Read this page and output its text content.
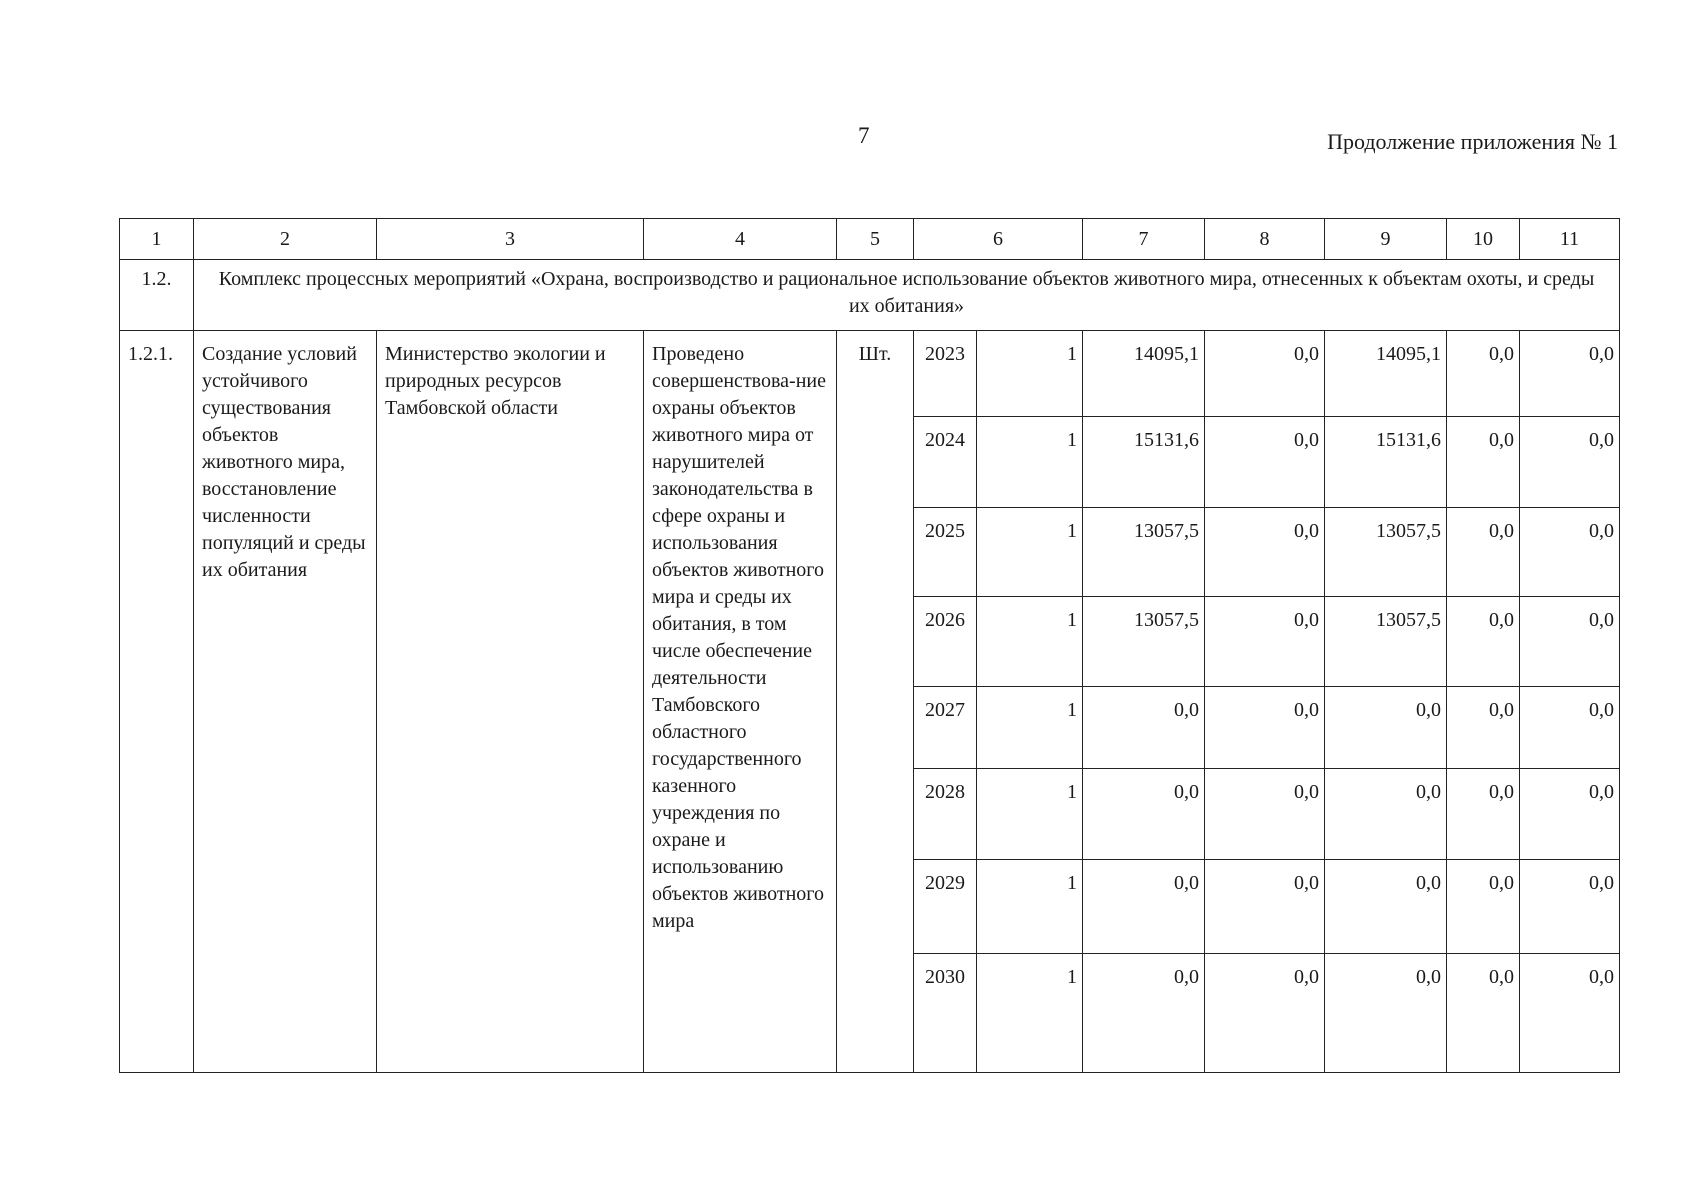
7	Продолжение приложения № 1
1	2	3	4	5	6		7	8	9	10	11
1.2.	Комплекс процессных мероприятий «Охрана, воспроизводство и рациональное использование объектов животного мира, отнесенных к объектам охоты, и среды их обитания»										
1.2.1.	Создание условий устойчивого существования объектов животного мира, восстановление численности популяций и среды их обитания	Министерство экологии и природных ресурсов Тамбовской области	Проведено совершенствова-ние охраны объектов животного мира от нарушителей законодательства в сфере охраны и использования объектов животного мира и среды их обитания, в том числе обеспечение деятельности Тамбовского областного государственного казенного учреждения по охране и использованию объектов животного мира	Шт.	2023	1	14095,1	0,0	14095,1	0,0	0,0
					2024	1	15131,6	0,0	15131,6	0,0	0,0
					2025	1	13057,5	0,0	13057,5	0,0	0,0
					2026	1	13057,5	0,0	13057,5	0,0	0,0
					2027	1	0,0	0,0	0,0	0,0	0,0
					2028	1	0,0	0,0	0,0	0,0	0,0
					2029	1	0,0	0,0	0,0	0,0	0,0
					2030	1	0,0	0,0	0,0	0,0	0,0
